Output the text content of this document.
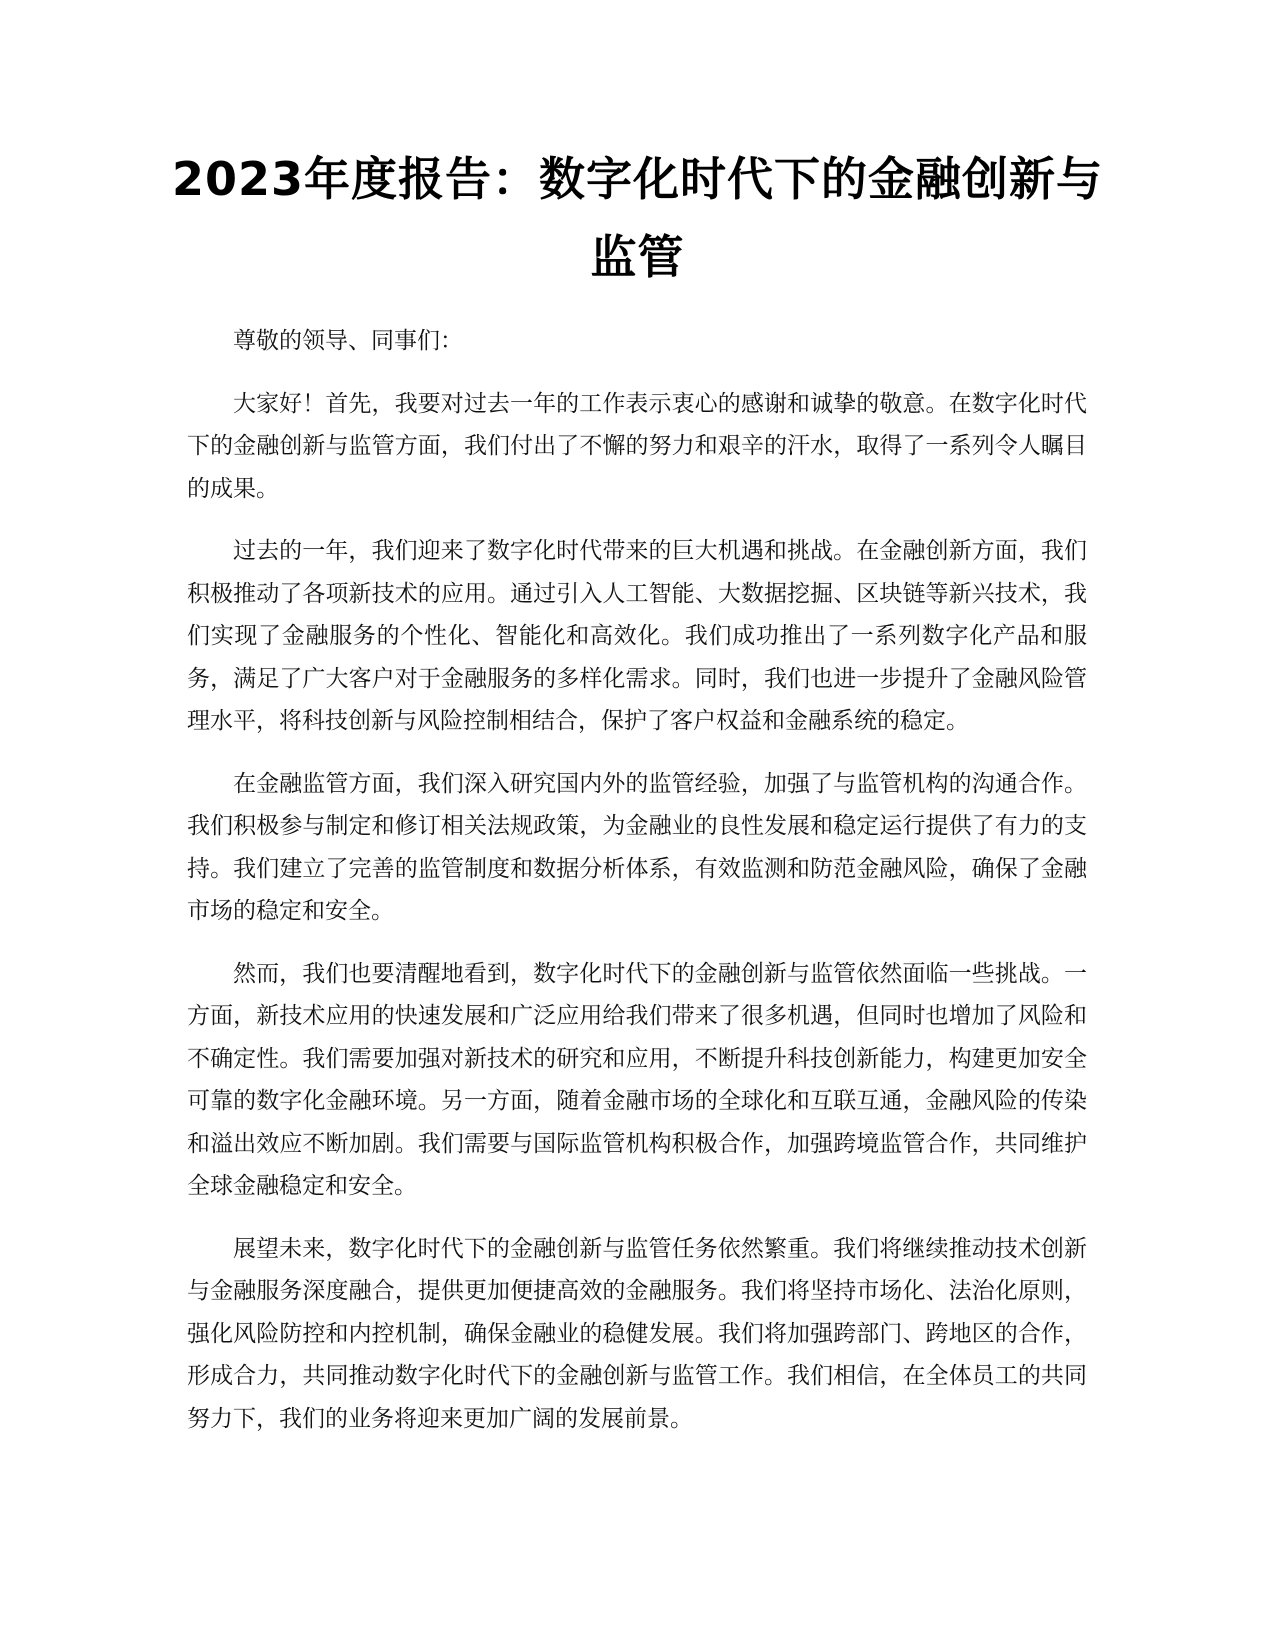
2023年度报告：数字化时代下的金融创新与监管

尊敬的领导、同事们：

大家好！首先，我要对过去一年的工作表示衷心的感谢和诚挚的敬意。在数字化时代下的金融创新与监管方面，我们付出了不懈的努力和艰辛的汗水，取得了一系列令人瞩目的成果。

过去的一年，我们迎来了数字化时代带来的巨大机遇和挑战。在金融创新方面，我们积极推动了各项新技术的应用。通过引入人工智能、大数据挖掘、区块链等新兴技术，我们实现了金融服务的个性化、智能化和高效化。我们成功推出了一系列数字化产品和服务，满足了广大客户对于金融服务的多样化需求。同时，我们也进一步提升了金融风险管理水平，将科技创新与风险控制相结合，保护了客户权益和金融系统的稳定。

在金融监管方面，我们深入研究国内外的监管经验，加强了与监管机构的沟通合作。我们积极参与制定和修订相关法规政策，为金融业的良性发展和稳定运行提供了有力的支持。我们建立了完善的监管制度和数据分析体系，有效监测和防范金融风险，确保了金融市场的稳定和安全。

然而，我们也要清醒地看到，数字化时代下的金融创新与监管依然面临一些挑战。一方面，新技术应用的快速发展和广泛应用给我们带来了很多机遇，但同时也增加了风险和不确定性。我们需要加强对新技术的研究和应用，不断提升科技创新能力，构建更加安全可靠的数字化金融环境。另一方面，随着金融市场的全球化和互联互通，金融风险的传染和溢出效应不断加剧。我们需要与国际监管机构积极合作，加强跨境监管合作，共同维护全球金融稳定和安全。

展望未来，数字化时代下的金融创新与监管任务依然繁重。我们将继续推动技术创新与金融服务深度融合，提供更加便捷高效的金融服务。我们将坚持市场化、法治化原则，强化风险防控和内控机制，确保金融业的稳健发展。我们将加强跨部门、跨地区的合作，形成合力，共同推动数字化时代下的金融创新与监管工作。我们相信，在全体员工的共同努力下，我们的业务将迎来更加广阔的发展前景。
